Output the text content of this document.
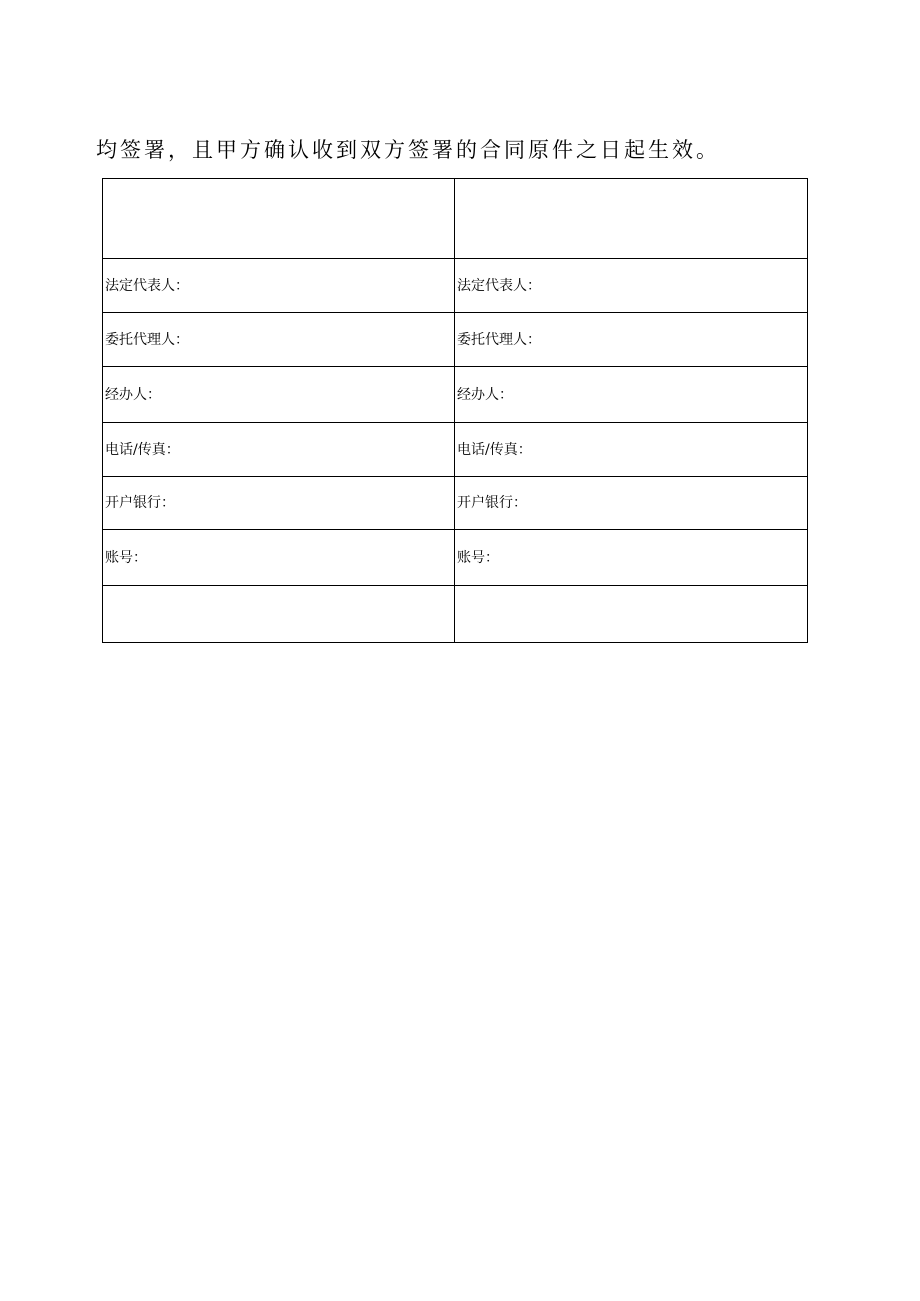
均签署，且甲方确认收到双方签署的合同原件之日起生效。

法定代表人：	法定代表人：
委托代理人：	委托代理人：
经办人：	经办人：
电话/传真：	电话/传真：
开户银行：	开户银行：
账号：	账号：
